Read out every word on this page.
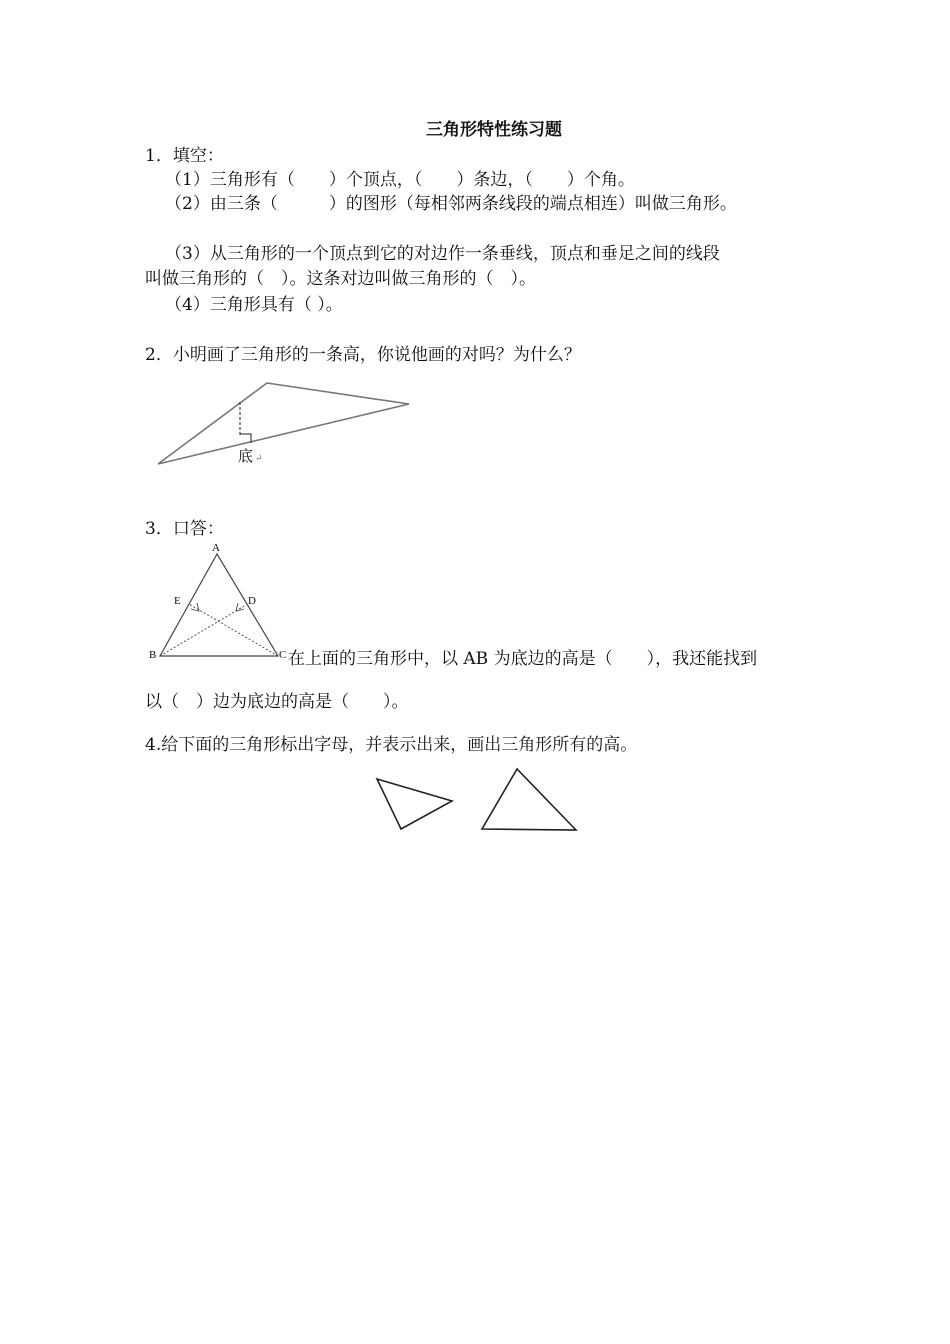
三角形特性练习题
1．填空：
（1）三角形有（　　）个顶点，（　　）条边，（　　）个角。
（2）由三条（　　　）的图形（每相邻两条线段的端点相连）叫做三角形。
（3）从三角形的一个顶点到它的对边作一条垂线，顶点和垂足之间的线段
叫做三角形的（　）。这条对边叫做三角形的（　）。
（4）三角形具有（ ）。
2．小明画了三角形的一条高，你说他画的对吗？为什么？
底 ↵
3．口答：
A
E	D
B	C 在上面的三角形中，以 AB 为底边的高是（　　），我还能找到
以（　）边为底边的高是（　　）。
4.给下面的三角形标出字母，并表示出来，画出三角形所有的高。
